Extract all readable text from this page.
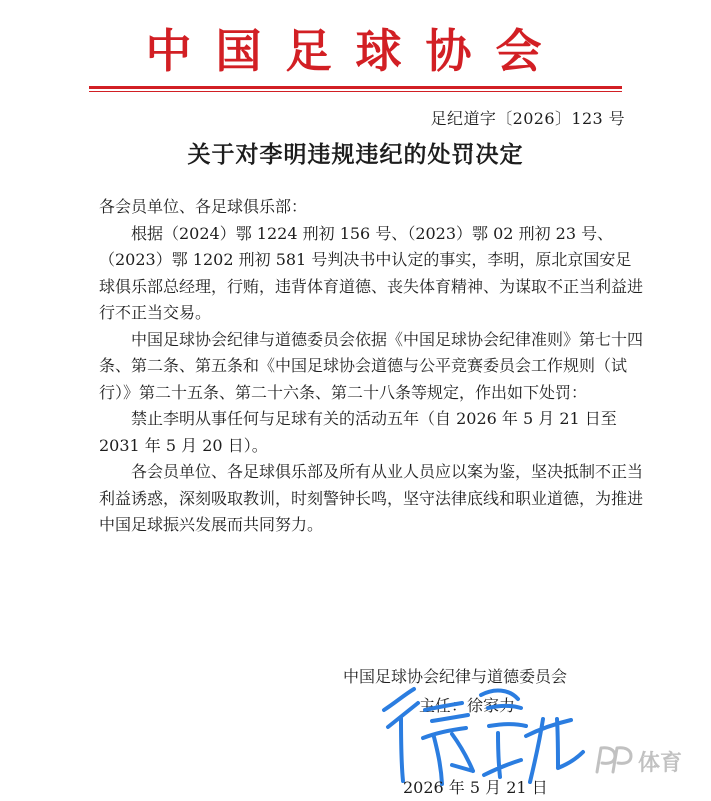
中国足球协会
足纪道字〔2026〕123 号
关于对李明违规违纪的处罚决定

各会员单位、各足球俱乐部：

根据（2024）鄂 1224 刑初 156 号、（2023）鄂 02 刑初 23 号、（2023）鄂 1202 刑初 581 号判决书中认定的事实，李明，原北京国安足球俱乐部总经理，行贿，违背体育道德、丧失体育精神、为谋取不正当利益进行不正当交易。

中国足球协会纪律与道德委员会依据《中国足球协会纪律准则》第七十四条、第二条、第五条和《中国足球协会道德与公平竞赛委员会工作规则（试行）》第二十五条、第二十六条、第二十八条等规定，作出如下处罚：

禁止李明从事任何与足球有关的活动五年（自 2026 年 5 月 21 日至 2031 年 5 月 20 日）。

各会员单位、各足球俱乐部及所有从业人员应以案为鉴，坚决抵制不正当利益诱惑，深刻吸取教训，时刻警钟长鸣，坚守法律底线和职业道德，为推进中国足球振兴发展而共同努力。

中国足球协会纪律与道德委员会
主任： 徐家力
2026 年 5 月 21 日
体育
